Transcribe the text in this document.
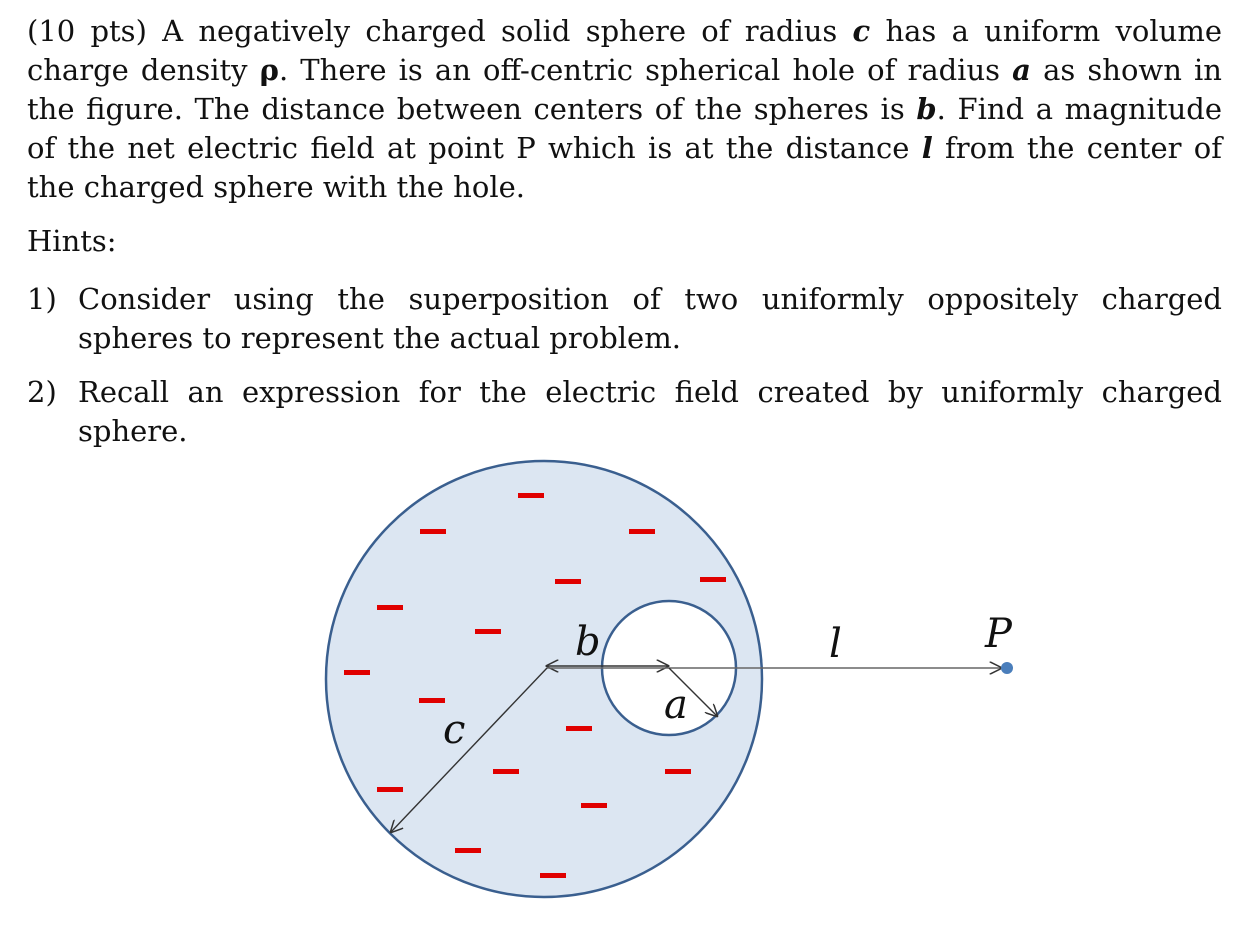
(10 pts) A negatively charged solid sphere of radius c has a uniform volume charge density ρ. There is an off-centric spherical hole of radius a as shown in the figure. The distance between centers of the spheres is b. Find a magnitude of the net electric field at point P which is at the distance l from the center of the charged sphere with the hole.

Hints:

1) Consider using the superposition of two uniformly oppositely charged spheres to represent the actual problem.
2) Recall an expression for the electric field created by uniformly charged sphere.
b	l	P
a
c
